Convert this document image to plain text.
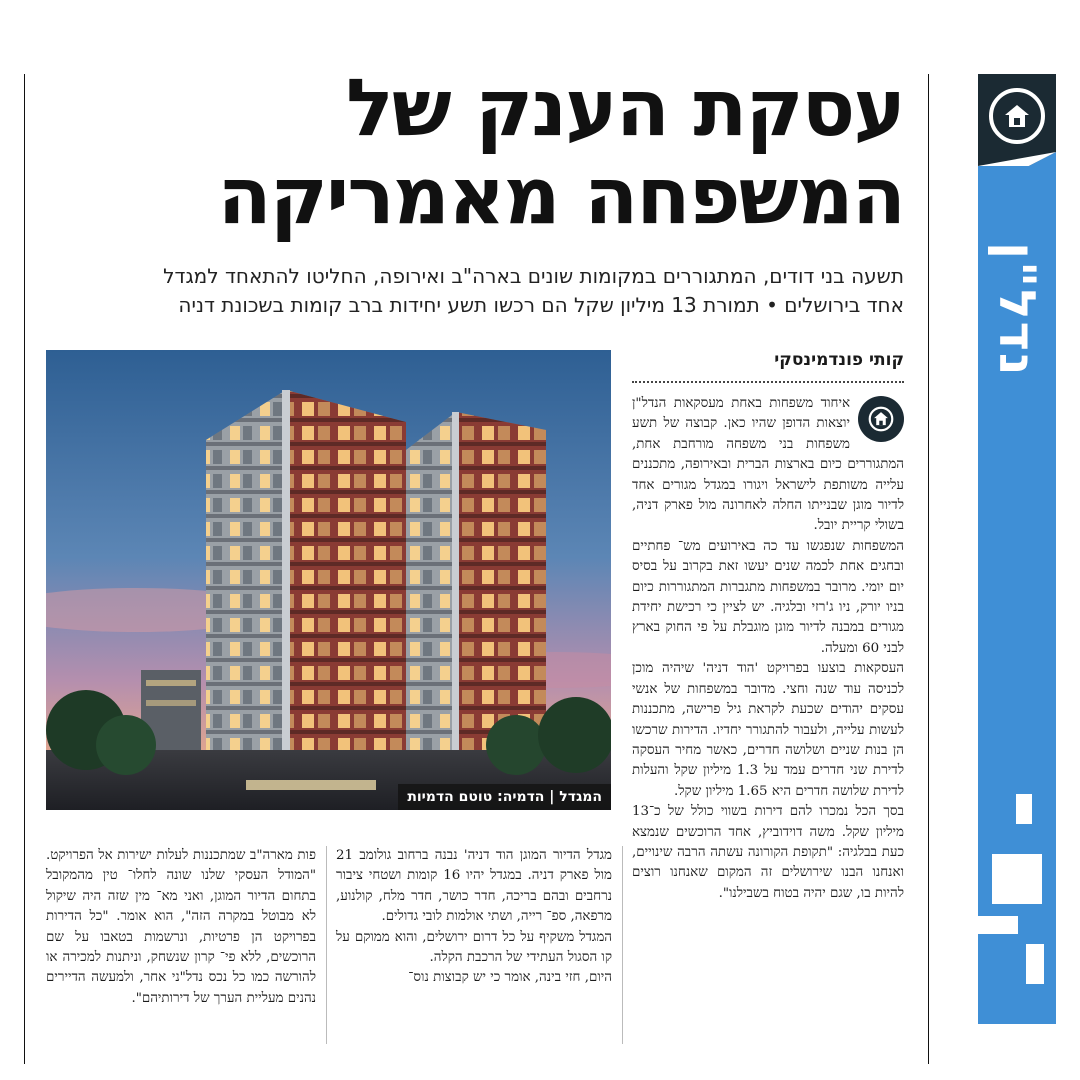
נדל"ן
עסקת הענק של
המשפחה מאמריקה
תשעה בני דודים, המתגוררים במקומות שונים בארה"ב ואירופה, החליטו להתאחד למגדל
אחד בירושלים • תמורת 13 מיליון שקל הם רכשו תשע יחידות ברב קומות בשכונת דניה
המגדל | הדמיה: טוטם הדמיות
קותי פונדמינסקי

איחוד משפחות באחת מעסקאות הנדל"ן יוצאות הדופן שהיו כאן. קבוצה של תשע משפחות בני משפחה מורחבת אחת, המתגוררים כיום בארצות הברית ובאירופה, מתכננים עלייה משותפת לישראל ויגורו במגדל מגורים אחד לדיור מוגן שבנייתו החלה לאחרונה מול פארק דניה, בשולי קריית יובל.

המשפחות שנפגשו עד כה באירועים מש־ פחתיים ובחגים אחת לכמה שנים יעשו זאת בקרוב על בסיס יום יומי. מרובר במשפחות מתגברות המתגוררות כיום בניו יורק, ניו ג'רזי ובלגיה. יש לציין כי רכישת יחידת מגורים במבנה לדיור מוגן מוגבלת על פי החוק בארץ לבני 60 ומעלה.

העסקאות בוצעו בפרויקט 'הוד דניה' שיהיה מוכן לכניסה עוד שנה וחצי. מדובר במשפחות של אנשי עסקים יהודים שכעת לקראת גיל פרישה, מתכננות לעשות עלייה, ולעבור להתגורר יחדיו. הדירות שרכשו הן בנות שניים ושלושה חדרים, כאשר מחיר העסקה לדירת שני חדרים עמד על 1.3 מיליון שקל והעלות לדירת שלושה חדרים היא 1.65 מיליון שקל.

בסך הכל נמכרו להם דירות בשווי כולל של כ־13 מיליון שקל. משה דוידוביץ, אחד הרוכשים שנמצא כעת בבלגיה: "תקופת הקורונה עשתה הרבה שינויים, ואנחנו הבנו שירושלים זה המקום שאנחנו רוצים להיות בו, שגם יהיה בטוח בשבילנו".

מגדל הדיור המוגן הוד דניה' נבנה ברחוב גולומב 21 מול פארק דניה. במגדל יהיו 16 קומות ושטחי ציבור נרחבים ובהם בריכה, חדר כושר, חדר מלח, קולנוע, מרפאה, ספ־ רייה, ושתי אולמות לובי גדולים.

המגדל משקיף על כל דרום ירושלים, והוא ממוקם על קו הסגול העתידי של הרכבת הקלה.

היום, חזי בינה, אומר כי יש קבוצות נוס־

פות מארה"ב שמתכננות לעלות ישירות אל הפרויקט. "המודל העסקי שלנו שונה לחלו־ טין מהמקובל בתחום הדיור המוגן, ואני מא־ מין שזה היה שיקול לא מבוטל במקרה הזה", הוא אומר. "כל הדירות בפרויקט הן פרטיות, ונרשמות בטאבו על שם הרוכשים, ללא פי־ קרון שנשחק, וניתנות למכירה או להורשה כמו כל נכס נדל"ני אחר, ולמעשה הדיירים נהנים מעליית הערך של דירותיהם".
